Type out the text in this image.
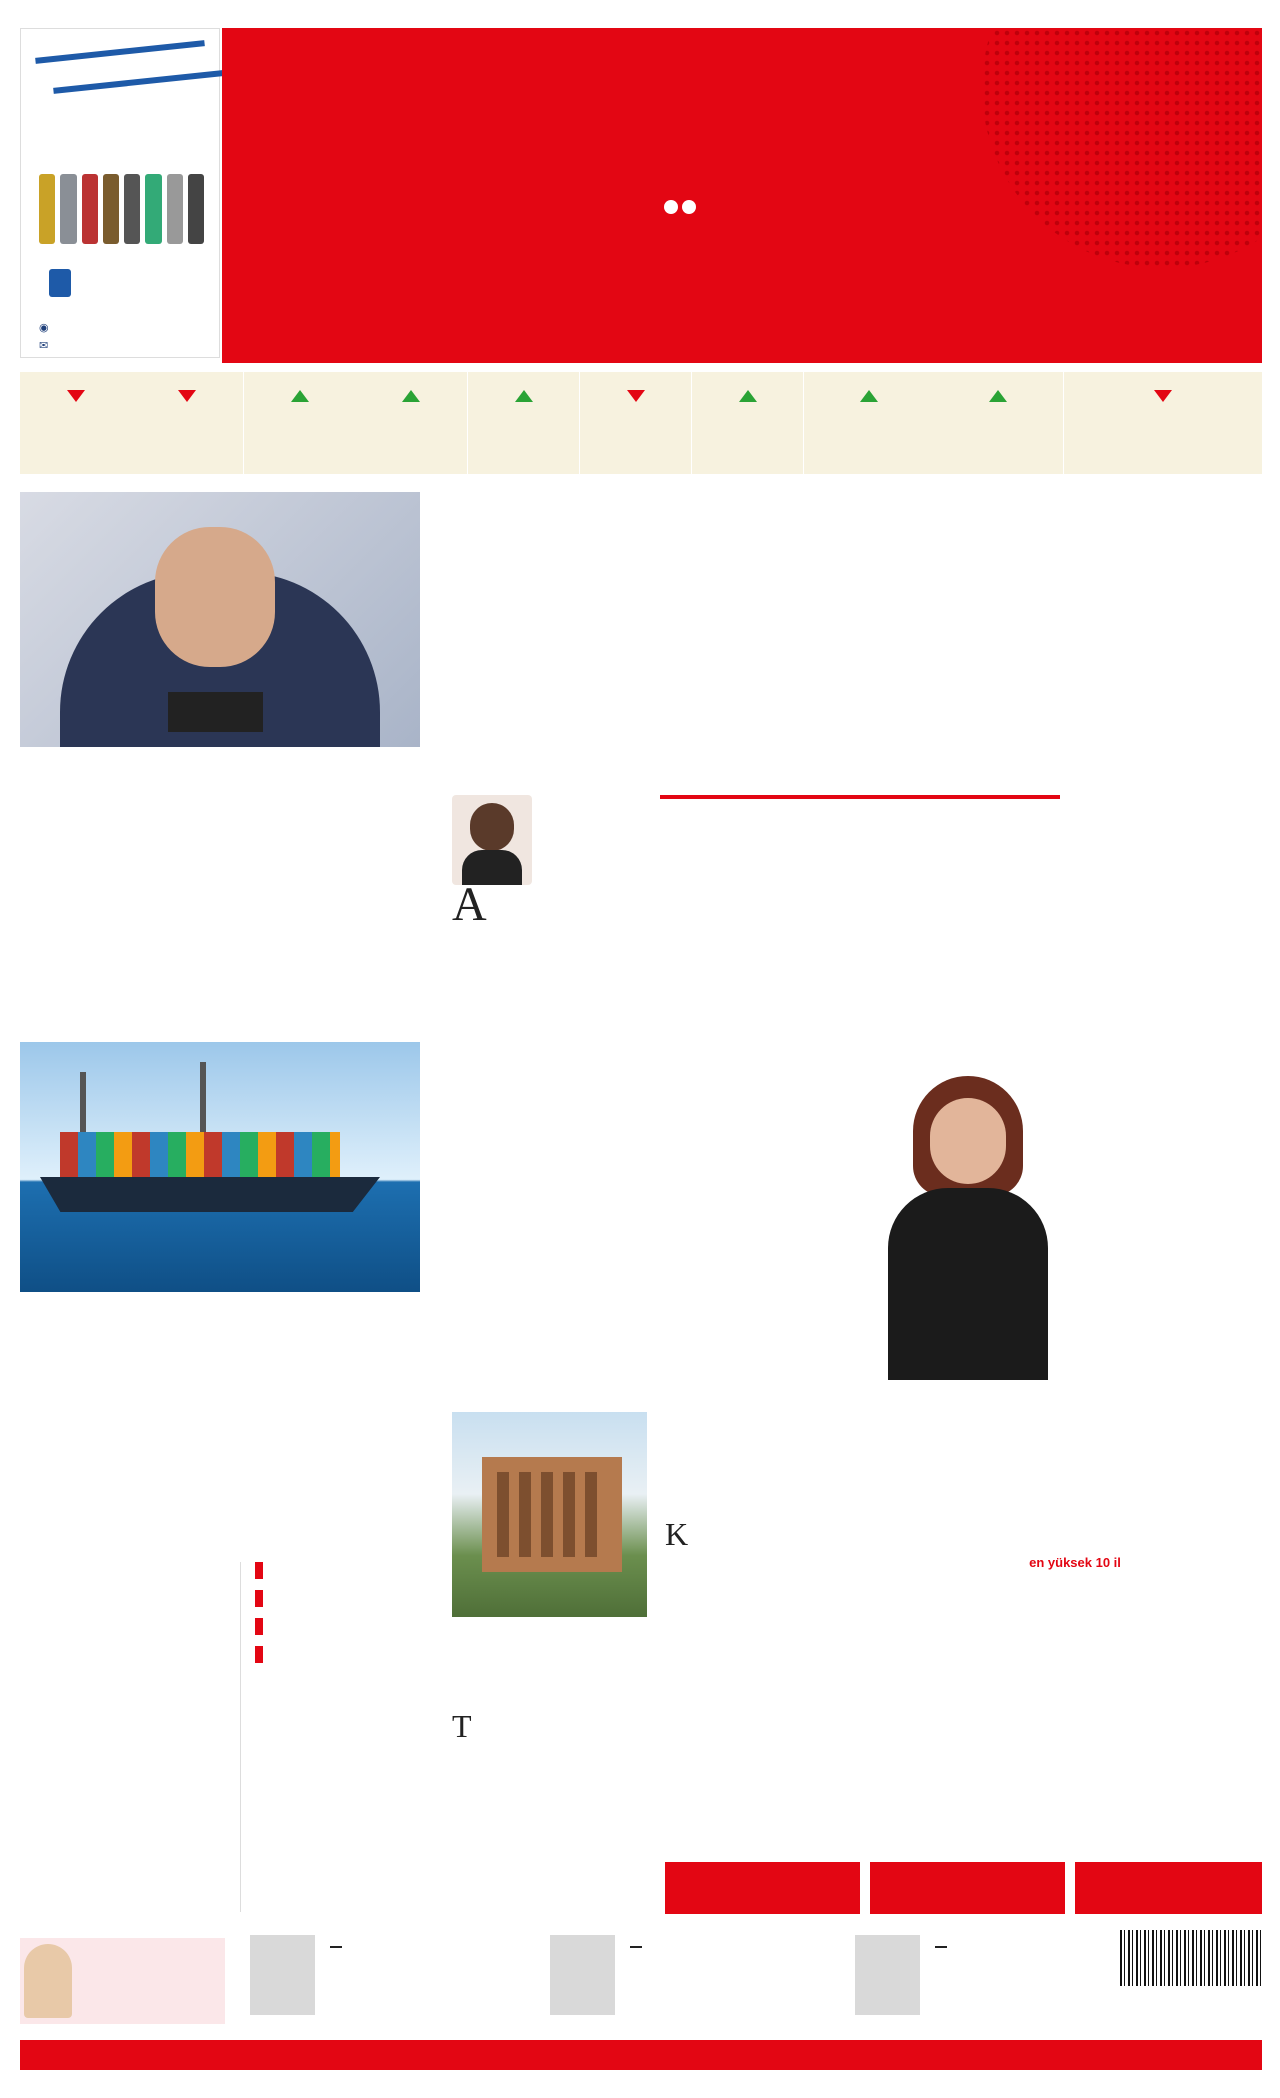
◉
✉
A
T
K
en yüksek 10 il
